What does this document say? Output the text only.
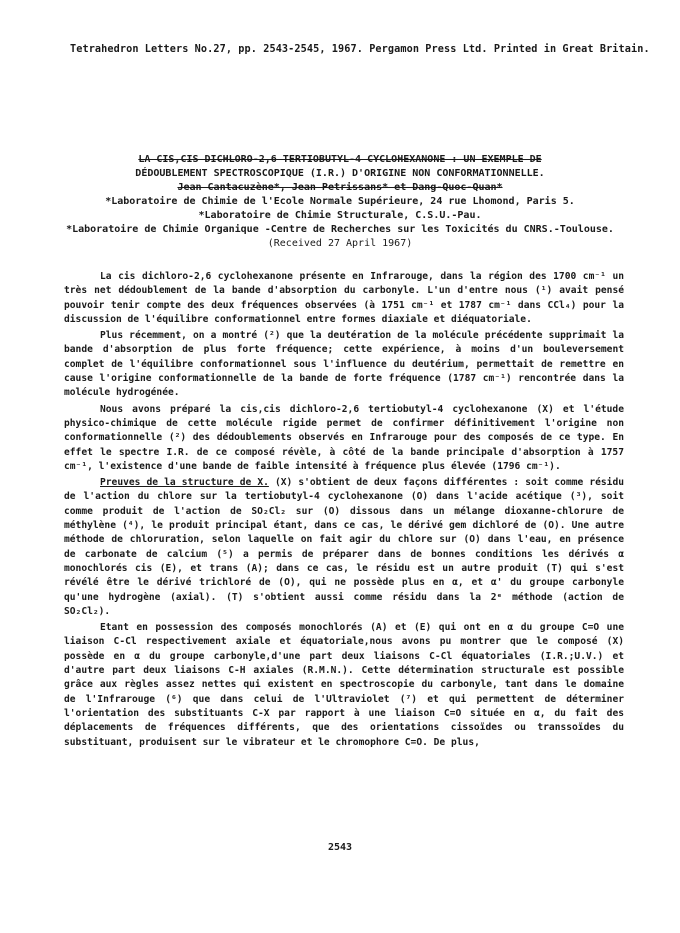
Tetrahedron Letters No.27, pp. 2543-2545, 1967. Pergamon Press Ltd. Printed in Great Britain.
LA CIS,CIS DICHLORO-2,6 TERTIOBUTYL-4 CYCLOHEXANONE : UN EXEMPLE DE
DÉDOUBLEMENT SPECTROSCOPIQUE (I.R.) D'ORIGINE NON CONFORMATIONNELLE.
Jean Cantacuzène*, Jean Petrissans* et Dang-Quoc-Quan*
*Laboratoire de Chimie de l'Ecole Normale Supérieure, 24 rue Lhomond, Paris 5.
*Laboratoire de Chimie Structurale, C.S.U.-Pau.
*Laboratoire de Chimie Organique -Centre de Recherches sur les Toxicités du CNRS.-Toulouse.
(Received 27 April 1967)

La cis dichloro-2,6 cyclohexanone présente en Infrarouge, dans la région des 1700 cm⁻¹ un très net dédoublement de la bande d'absorption du carbonyle. L'un d'entre nous (¹) avait pensé pouvoir tenir compte des deux fréquences observées (à 1751 cm⁻¹ et 1787 cm⁻¹ dans CCl₄) pour la discussion de l'équilibre conformationnel entre formes diaxiale et diéquatoriale.

Plus récemment, on a montré (²) que la deutération de la molécule précédente supprimait la bande d'absorption de plus forte fréquence; cette expérience, à moins d'un bouleversement complet de l'équilibre conformationnel sous l'influence du deutérium, permettait de remettre en cause l'origine conformationnelle de la bande de forte fréquence (1787 cm⁻¹) rencontrée dans la molécule hydrogénée.

Nous avons préparé la cis,cis dichloro-2,6 tertiobutyl-4 cyclohexanone (X) et l'étude physico-chimique de cette molécule rigide permet de confirmer définitivement l'origine non conformationnelle (²) des dédoublements observés en Infrarouge pour des composés de ce type. En effet le spectre I.R. de ce composé révèle, à côté de la bande principale d'absorption à 1757 cm⁻¹, l'existence d'une bande de faible intensité à fréquence plus élevée (1796 cm⁻¹).

Preuves de la structure de X. (X) s'obtient de deux façons différentes : soit comme résidu de l'action du chlore sur la tertiobutyl-4 cyclohexanone (O) dans l'acide acétique (³), soit comme produit de l'action de SO₂Cl₂ sur (O) dissous dans un mélange dioxanne-chlorure de méthylène (⁴), le produit principal étant, dans ce cas, le dérivé gem dichloré de (O). Une autre méthode de chloruration, selon laquelle on fait agir du chlore sur (O) dans l'eau, en présence de carbonate de calcium (⁵) a permis de préparer dans de bonnes conditions les dérivés α monochlorés cis (E), et trans (A); dans ce cas, le résidu est un autre produit (T) qui s'est révélé être le dérivé trichloré de (O), qui ne possède plus en α, et α' du groupe carbonyle qu'une hydrogène (axial). (T) s'obtient aussi comme résidu dans la 2ᵉ méthode (action de SO₂Cl₂).

Etant en possession des composés monochlorés (A) et (E) qui ont en α du groupe C=O une liaison C-Cl respectivement axiale et équatoriale,nous avons pu montrer que le composé (X) possède en α du groupe carbonyle,d'une part deux liaisons C-Cl équatoriales (I.R.;U.V.) et d'autre part deux liaisons C-H axiales (R.M.N.). Cette détermination structurale est possible grâce aux règles assez nettes qui existent en spectroscopie du carbonyle, tant dans le domaine de l'Infrarouge (⁶) que dans celui de l'Ultraviolet (⁷) et qui permettent de déterminer l'orientation des substituants C-X par rapport à une liaison C=O située en α, du fait des déplacements de fréquences différents, que des orientations cissoïdes ou transsoïdes du substituant, produisent sur le vibrateur et le chromophore C=O. De plus,

2543
